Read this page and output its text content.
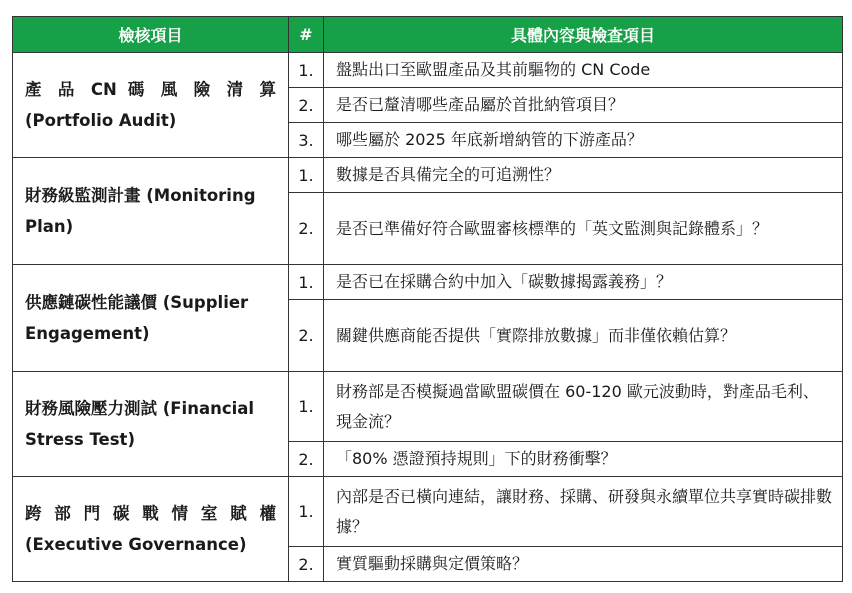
檢核項目	#	具體內容與檢查項目

產 品 CN 碼 風 險 清 算
(Portfolio Audit)	1.	盤點出口至歐盟產品及其前驅物的 CN Code
	2.	是否已釐清哪些產品屬於首批納管項目？
	3.	哪些屬於 2025 年底新增納管的下游產品？

財務級監測計畫 (Monitoring
Plan)	1.	數據是否具備完全的可追溯性？
	2.	是否已準備好符合歐盟審核標準的「英文監測與記錄體系」？

供應鏈碳性能議價 (Supplier
Engagement)	1.	是否已在採購合約中加入「碳數據揭露義務」？
	2.	關鍵供應商能否提供「實際排放數據」而非僅依賴估算？

財務風險壓力測試 (Financial
Stress Test)	1.	財務部是否模擬過當歐盟碳價在 60-120 歐元波動時，對產品毛利、現金流？
	2.	「80% 憑證預持規則」下的財務衝擊？

跨 部 門 碳 戰 情 室 賦 權
(Executive Governance)	1.	內部是否已橫向連結，讓財務、採購、研發與永續單位共享實時碳排數據？
	2.	實質驅動採購與定價策略？
